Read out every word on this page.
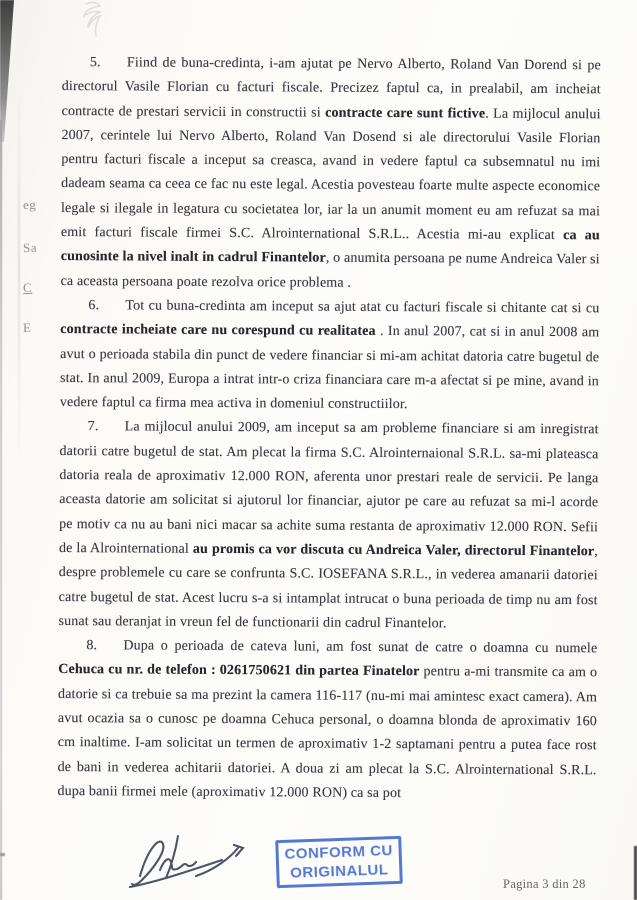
eg
Sa
C
E

5. Fiind de buna-credinta, i-am ajutat pe Nervo Alberto, Roland Van Dorend si pe directorul Vasile Florian cu facturi fiscale. Precizez faptul ca, in prealabil, am incheiat contracte de prestari servicii in constructii si contracte care sunt fictive. La mijlocul anului 2007, cerintele lui Nervo Alberto, Roland Van Dosend si ale directorului Vasile Florian pentru facturi fiscale a inceput sa creasca, avand in vedere faptul ca subsemnatul nu imi dadeam seama ca ceea ce fac nu este legal. Acestia povesteau foarte multe aspecte economice legale si ilegale in legatura cu societatea lor, iar la un anumit moment eu am refuzat sa mai emit facturi fiscale firmei S.C. Alrointernational S.R.L.. Acestia mi-au explicat ca au cunosinte la nivel inalt in cadrul Finantelor, o anumita persoana pe nume Andreica Valer si ca aceasta persoana poate rezolva orice problema .

6. Tot cu buna-credinta am inceput sa ajut atat cu facturi fiscale si chitante cat si cu contracte incheiate care nu corespund cu realitatea . In anul 2007, cat si in anul 2008 am avut o perioada stabila din punct de vedere financiar si mi-am achitat datoria catre bugetul de stat. In anul 2009, Europa a intrat intr-o criza financiara care m-a afectat si pe mine, avand in vedere faptul ca firma mea activa in domeniul constructiilor.

7. La mijlocul anului 2009, am inceput sa am probleme financiare si am inregistrat datorii catre bugetul de stat. Am plecat la firma S.C. Alrointernaional S.R.L. sa-mi plateasca datoria reala de aproximativ 12.000 RON, aferenta unor prestari reale de servicii. Pe langa aceasta datorie am solicitat si ajutorul lor financiar, ajutor pe care au refuzat sa mi-l acorde pe motiv ca nu au bani nici macar sa achite suma restanta de aproximativ 12.000 RON. Sefii de la Alrointernational au promis ca vor discuta cu Andreica Valer, directorul Finantelor, despre problemele cu care se confrunta S.C. IOSEFANA S.R.L., in vederea amanarii datoriei catre bugetul de stat. Acest lucru s-a si intamplat intrucat o buna perioada de timp nu am fost sunat sau deranjat in vreun fel de functionarii din cadrul Finantelor.

8. Dupa o perioada de cateva luni, am fost sunat de catre o doamna cu numele Cehuca cu nr. de telefon : 0261750621 din partea Finatelor pentru a-mi transmite ca am o datorie si ca trebuie sa ma prezint la camera 116-117 (nu-mi mai amintesc exact camera). Am avut ocazia sa o cunosc pe doamna Cehuca personal, o doamna blonda de aproximativ 160 cm inaltime. I-am solicitat un termen de aproximativ 1-2 saptamani pentru a putea face rost de bani in vederea achitarii datoriei. A doua zi am plecat la S.C. Alrointernational S.R.L. dupa banii firmei mele (aproximativ 12.000 RON) ca sa pot

CONFORM CU
ORIGINALUL
Pagina 3 din 28
